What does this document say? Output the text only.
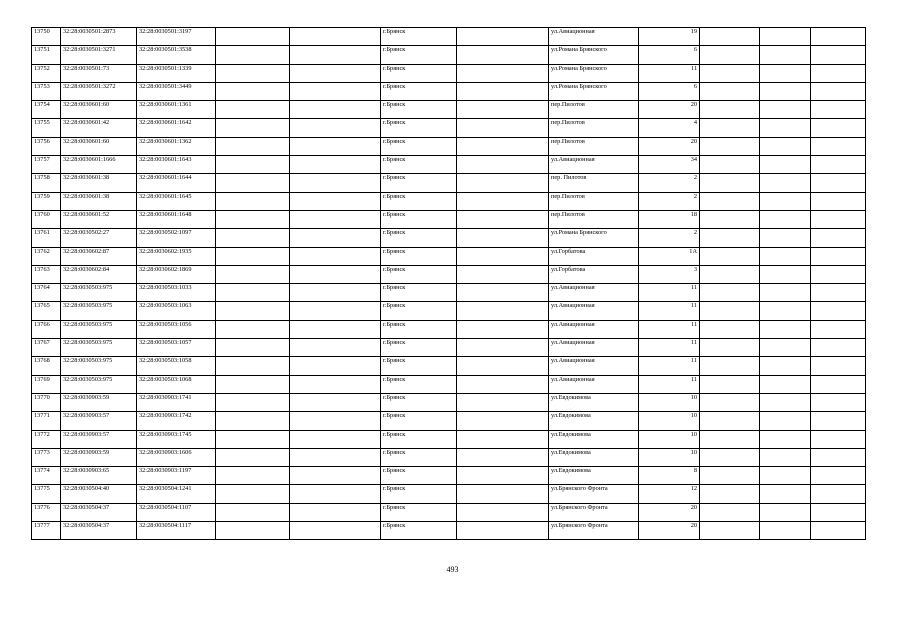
13750	32:28:0030501:2873	32:28:0030501:3197			г.Брянск		ул.Авиационная	19			
13751	32:28:0030501:3271	32:28:0030501:3538			г.Брянск		ул.Романа Брянского	6			
13752	32:28:0030501:73	32:28:0030501:1339			г.Брянск		ул.Романа Брянского	11			
13753	32:28:0030501:3272	32:28:0030501:3449			г.Брянск		ул.Романа Брянского	6			
13754	32:28:0030601:60	32:28:0030601:1361			г.Брянск		пер.Пилотов	20			
13755	32:28:0030601:42	32:28:0030601:1642			г.Брянск		пер.Пилотов	4			
13756	32:28:0030601:60	32:28:0030601:1362			г.Брянск		пер.Пилотов	20			
13757	32:28:0030601:1666	32:28:0030601:1643			г.Брянск		ул.Авиационная	34			
13758	32:28:0030601:38	32:28:0030601:1644			г.Брянск		пер. Пилотов	2			
13759	32:28:0030601:38	32:28:0030601:1645			г.Брянск		пер.Пилотов	2			
13760	32:28:0030601:52	32:28:0030601:1648			г.Брянск		пер.Пилотов	18			
13761	32:28:0030502:27	32:28:0030502:1097			г.Брянск		ул.Романа Брянского	2			
13762	32:28:0030602:87	32:28:0030602:1935			г.Брянск		ул.Горбатова	1А			
13763	32:28:0030602:84	32:28:0030602:1869			г.Брянск		ул.Горбатова	3			
13764	32:28:0030503:975	32:28:0030503:1033			г.Брянск		ул.Авиационная	11			
13765	32:28:0030503:975	32:28:0030503:1063			г.Брянск		ул.Авиационная	11			
13766	32:28:0030503:975	32:28:0030503:1056			г.Брянск		ул.Авиационная	11			
13767	32:28:0030503:975	32:28:0030503:1057			г.Брянск		ул.Авиационная	11			
13768	32:28:0030503:975	32:28:0030503:1058			г.Брянск		ул.Авиационная	11			
13769	32:28:0030503:975	32:28:0030503:1068			г.Брянск		ул.Авиационная	11			
13770	32:28:0030903:59	32:28:0030903:1741			г.Брянск		ул.Евдокимова	10			
13771	32:28:0030903:57	32:28:0030903:1742			г.Брянск		ул.Евдокимова	10			
13772	32:28:0030903:57	32:28:0030903:1745			г.Брянск		ул.Евдокимова	10			
13773	32:28:0030903:59	32:28:0030903:1606			г.Брянск		ул.Евдокимова	10			
13774	32:28:0030903:65	32:28:0030903:1197			г.Брянск		ул.Евдокимова	8			
13775	32:28:0030504:40	32:28:0030504:1241			г.Брянск		ул.Брянского Фронта	12			
13776	32:28:0030504:37	32:28:0030504:1107			г.Брянск		ул.Брянского Фронта	20			
13777	32:28:0030504:37	32:28:0030504:1117			г.Брянск		ул.Брянского Фронта	20			
493
